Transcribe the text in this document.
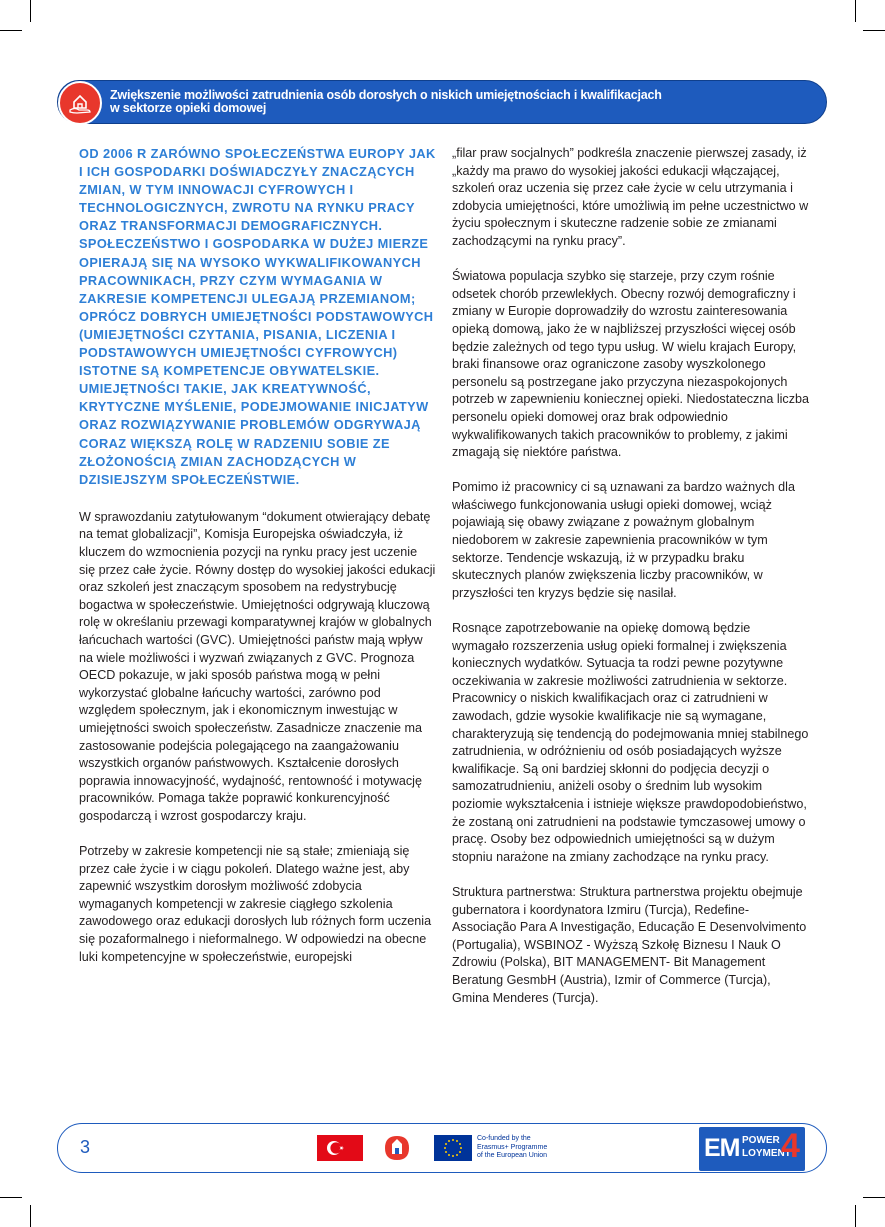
Zwiększenie możliwości zatrudnienia osób dorosłych o niskich umiejętnościach i kwalifikacjach w sektorze opieki domowej

OD 2006 R ZARÓWNO SPOŁECZEŃSTWA EUROPY JAK I ICH GOSPODARKI DOŚWIADCZYŁY ZNACZĄCYCH ZMIAN, W TYM INNOWACJI CYFROWYCH I TECHNOLOGICZNYCH, ZWROTU NA RYNKU PRACY ORAZ TRANSFORMACJI DEMOGRAFICZNYCH. SPOŁECZEŃSTWO I GOSPODARKA W DUŻEJ MIERZE OPIERAJĄ SIĘ NA WYSOKO WYKWALIFIKOWANYCH PRACOWNIKACH, PRZY CZYM WYMAGANIA W ZAKRESIE KOMPETENCJI ULEGAJĄ PRZEMIANOM; OPRÓCZ DOBRYCH UMIEJĘTNOŚCI PODSTAWOWYCH (UMIEJĘTNOŚCI CZYTANIA, PISANIA, LICZENIA I PODSTAWOWYCH UMIEJĘTNOŚCI CYFROWYCH) ISTOTNE SĄ KOMPETENCJE OBYWATELSKIE. UMIEJĘTNOŚCI TAKIE, JAK KREATYWNOŚĆ, KRYTYCZNE MYŚLENIE, PODEJMOWANIE INICJATYW ORAZ ROZWIĄZYWANIE PROBLEMÓW ODGRYWAJĄ CORAZ WIĘKSZĄ ROLĘ W RADZENIU SOBIE ZE ZŁOŻONOŚCIĄ ZMIAN ZACHODZĄCYCH W DZISIEJSZYM SPOŁECZEŃSTWIE.

W sprawozdaniu zatytułowanym “dokument otwierający debatę na temat globalizacji”, Komisja Europejska oświadczyła, iż kluczem do wzmocnienia pozycji na rynku pracy jest uczenie się przez całe życie. Równy dostęp do wysokiej jakości edukacji oraz szkoleń jest znaczącym sposobem na redystrybucję bogactwa w społeczeństwie. Umiejętności odgrywają kluczową rolę w określaniu przewagi komparatywnej krajów w globalnych łańcuchach wartości (GVC). Umiejętności państw mają wpływ na wiele możliwości i wyzwań związanych z GVC. Prognoza OECD pokazuje, w jaki sposób państwa mogą w pełni wykorzystać globalne łańcuchy wartości, zarówno pod względem społecznym, jak i ekonomicznym inwestując w umiejętności swoich społeczeństw. Zasadnicze znaczenie ma zastosowanie podejścia polegającego na zaangażowaniu wszystkich organów państwowych. Kształcenie dorosłych poprawia innowacyjność, wydajność, rentowność i motywację pracowników. Pomaga także poprawić konkurencyjność gospodarczą i wzrost gospodarczy kraju.

Potrzeby w zakresie kompetencji nie są stałe; zmieniają się przez całe życie i w ciągu pokoleń. Dlatego ważne jest, aby zapewnić wszystkim dorosłym możliwość zdobycia wymaganych kompetencji w zakresie ciągłego szkolenia zawodowego oraz edukacji dorosłych lub różnych form uczenia się pozaformalnego i nieformalnego. W odpowiedzi na obecne luki kompetencyjne w społeczeństwie, europejski

„filar praw socjalnych” podkreśla znaczenie pierwszej zasady, iż „każdy ma prawo do wysokiej jakości edukacji włączającej, szkoleń oraz uczenia się przez całe życie w celu utrzymania i zdobycia umiejętności, które umożliwią im pełne uczestnictwo w życiu społecznym i skuteczne radzenie sobie ze zmianami zachodzącymi na rynku pracy”.

Światowa populacja szybko się starzeje, przy czym rośnie odsetek chorób przewlekłych. Obecny rozwój demograficzny i zmiany w Europie doprowadziły do wzrostu zainteresowania opieką domową, jako że w najbliższej przyszłości więcej osób będzie zależnych od tego typu usług. W wielu krajach Europy, braki finansowe oraz ograniczone zasoby wyszkolonego personelu są postrzegane jako przyczyna niezaspokojonych potrzeb w zapewnieniu koniecznej opieki. Niedostateczna liczba personelu opieki domowej oraz brak odpowiednio wykwalifikowanych takich pracowników to problemy, z jakimi zmagają się niektóre państwa.

Pomimo iż pracownicy ci są uznawani za bardzo ważnych dla właściwego funkcjonowania usługi opieki domowej, wciąż pojawiają się obawy związane z poważnym globalnym niedoborem w zakresie zapewnienia pracowników w tym sektorze. Tendencje wskazują, iż w przypadku braku skutecznych planów zwiększenia liczby pracowników, w przyszłości ten kryzys będzie się nasilał.

Rosnące zapotrzebowanie na opiekę domową będzie wymagało rozszerzenia usług opieki formalnej i zwiększenia koniecznych wydatków. Sytuacja ta rodzi pewne pozytywne oczekiwania w zakresie możliwości zatrudnienia w sektorze. Pracownicy o niskich kwalifikacjach oraz ci zatrudnieni w zawodach, gdzie wysokie kwalifikacje nie są wymagane, charakteryzują się tendencją do podejmowania mniej stabilnego zatrudnienia, w odróżnieniu od osób posiadających wyższe kwalifikacje. Są oni bardziej skłonni do podjęcia decyzji o samozatrudnieniu, aniżeli osoby o średnim lub wysokim poziomie wykształcenia i istnieje większe prawdopodobieństwo, że zostaną oni zatrudnieni na podstawie tymczasowej umowy o pracę. Osoby bez odpowiednich umiejętności są w dużym stopniu narażone na zmiany zachodzące na rynku pracy.

Struktura partnerstwa: Struktura partnerstwa projektu obejmuje gubernatora i koordynatora Izmiru (Turcja), Redefine-Associação Para A Investigação, Educação E Desenvolvimento (Portugalia), WSBINOZ - Wyższą Szkołę Biznesu I Nauk O Zdrowiu (Polska), BIT MANAGEMENT- Bit Management Beratung GesmbH (Austria), Izmir of Commerce (Turcja), Gmina Menderes (Turcja).

3	Co-funded by the
Erasmus+ Programme
of the European Union	EM POWER
LOYMENT
4
